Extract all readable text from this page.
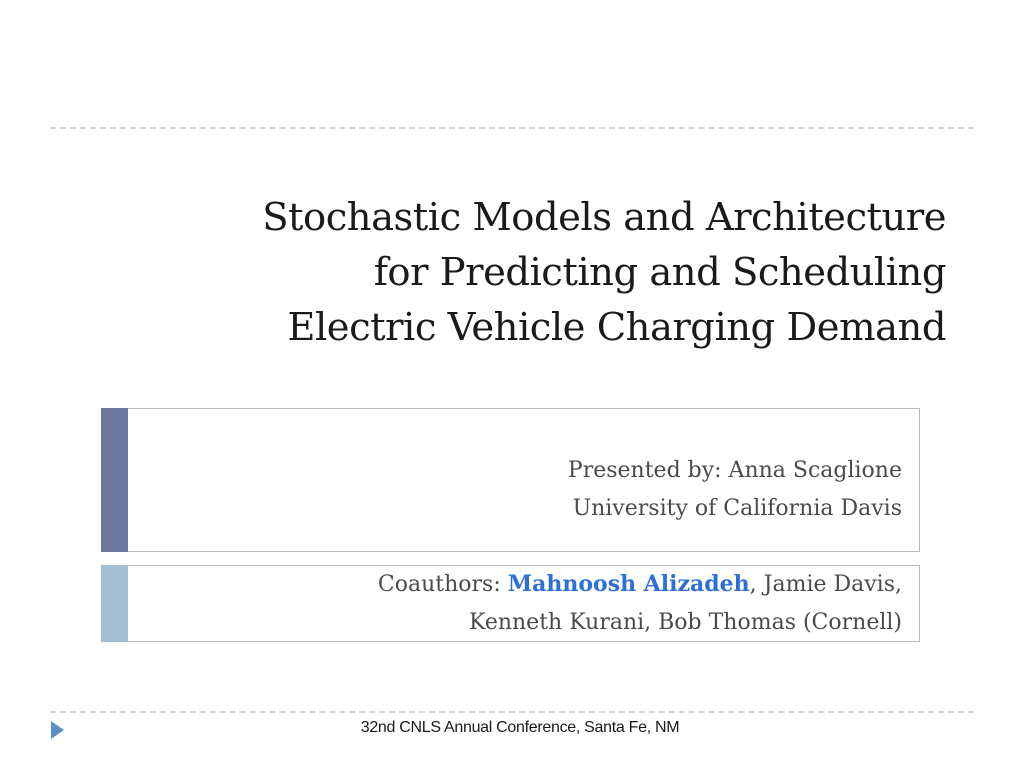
Stochastic Models and Architecture
for Predicting and Scheduling
Electric Vehicle Charging Demand
Presented by: Anna Scaglione
University of California Davis
Coauthors: Mahnoosh Alizadeh, Jamie Davis,
Kenneth Kurani, Bob Thomas (Cornell)
32nd CNLS Annual Conference, Santa Fe, NM
